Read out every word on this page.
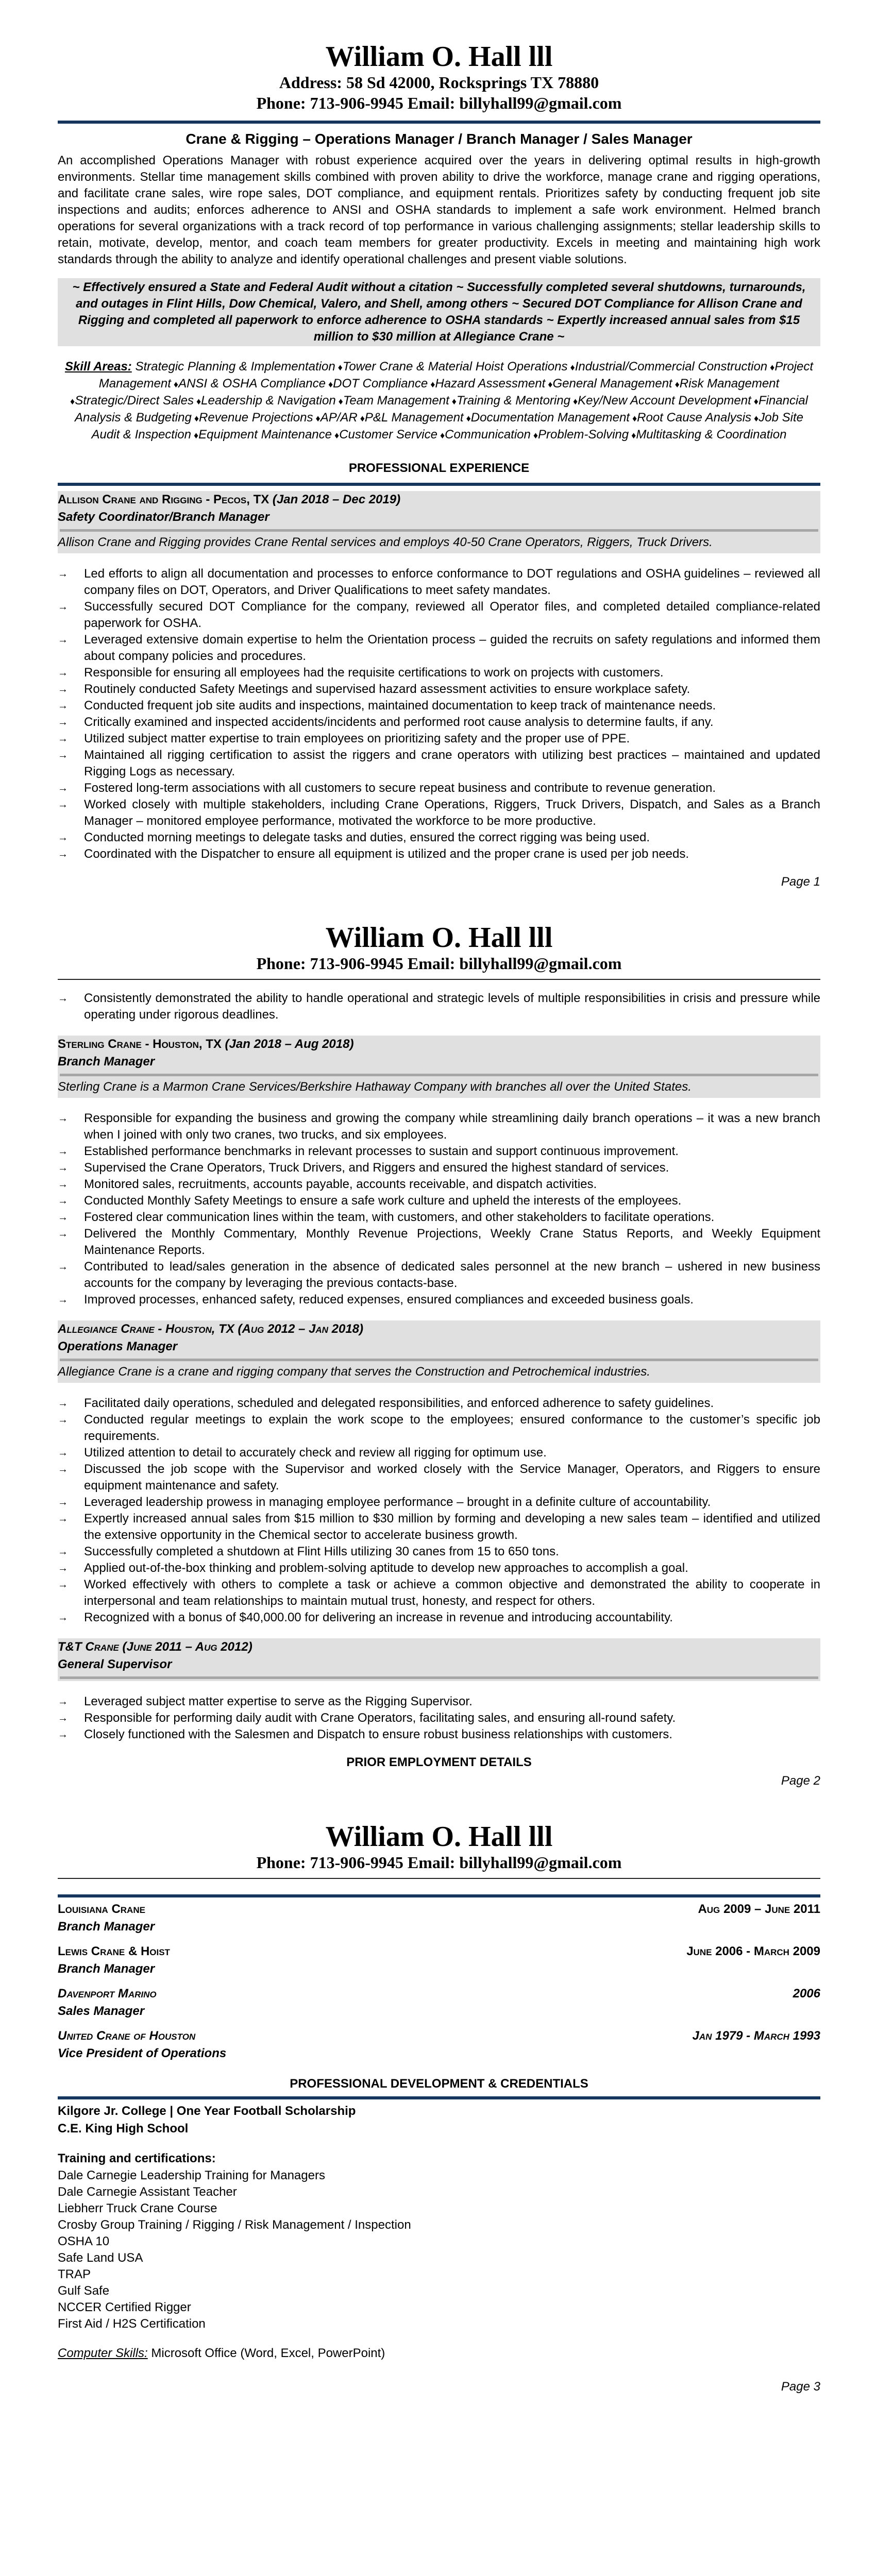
William O. Hall lll
Address: 58 Sd 42000, Rocksprings TX 78880
Phone: 713-906-9945 Email: billyhall99@gmail.com
Crane & Rigging – Operations Manager / Branch Manager / Sales Manager
An accomplished Operations Manager with robust experience acquired over the years in delivering optimal results in high-growth environments. Stellar time management skills combined with proven ability to drive the workforce, manage crane and rigging operations, and facilitate crane sales, wire rope sales, DOT compliance, and equipment rentals. Prioritizes safety by conducting frequent job site inspections and audits; enforces adherence to ANSI and OSHA standards to implement a safe work environment. Helmed branch operations for several organizations with a track record of top performance in various challenging assignments; stellar leadership skills to retain, motivate, develop, mentor, and coach team members for greater productivity. Excels in meeting and maintaining high work standards through the ability to analyze and identify operational challenges and present viable solutions.
~ Effectively ensured a State and Federal Audit without a citation ~ Successfully completed several shutdowns, turnarounds, and outages in Flint Hills, Dow Chemical, Valero, and Shell, among others ~ Secured DOT Compliance for Allison Crane and Rigging and completed all paperwork to enforce adherence to OSHA standards ~ Expertly increased annual sales from $15 million to $30 million at Allegiance Crane ~
Skill Areas: Strategic Planning & Implementation ♦ Tower Crane & Material Hoist Operations ♦ Industrial/Commercial Construction ♦ Project Management ♦ ANSI & OSHA Compliance ♦ DOT Compliance ♦ Hazard Assessment ♦ General Management ♦ Risk Management ♦ Strategic/Direct Sales ♦ Leadership & Navigation ♦ Team Management ♦ Training & Mentoring ♦ Key/New Account Development ♦ Financial Analysis & Budgeting ♦ Revenue Projections ♦ AP/AR ♦ P&L Management ♦ Documentation Management ♦ Root Cause Analysis ♦ Job Site Audit & Inspection ♦ Equipment Maintenance ♦ Customer Service ♦ Communication ♦ Problem-Solving ♦ Multitasking & Coordination
PROFESSIONAL EXPERIENCE
Allison Crane and Rigging - Pecos, TX (Jan 2018 – Dec 2019)
Safety Coordinator/Branch Manager
Allison Crane and Rigging provides Crane Rental services and employs 40-50 Crane Operators, Riggers, Truck Drivers.
→ Led efforts to align all documentation and processes to enforce conformance to DOT regulations and OSHA guidelines – reviewed all company files on DOT, Operators, and Driver Qualifications to meet safety mandates.
→ Successfully secured DOT Compliance for the company, reviewed all Operator files, and completed detailed compliance-related paperwork for OSHA.
→ Leveraged extensive domain expertise to helm the Orientation process – guided the recruits on safety regulations and informed them about company policies and procedures.
→ Responsible for ensuring all employees had the requisite certifications to work on projects with customers.
→ Routinely conducted Safety Meetings and supervised hazard assessment activities to ensure workplace safety.
→ Conducted frequent job site audits and inspections, maintained documentation to keep track of maintenance needs.
→ Critically examined and inspected accidents/incidents and performed root cause analysis to determine faults, if any.
→ Utilized subject matter expertise to train employees on prioritizing safety and the proper use of PPE.
→ Maintained all rigging certification to assist the riggers and crane operators with utilizing best practices – maintained and updated Rigging Logs as necessary.
→ Fostered long-term associations with all customers to secure repeat business and contribute to revenue generation.
→ Worked closely with multiple stakeholders, including Crane Operations, Riggers, Truck Drivers, Dispatch, and Sales as a Branch Manager – monitored employee performance, motivated the workforce to be more productive.
→ Conducted morning meetings to delegate tasks and duties, ensured the correct rigging was being used.
→ Coordinated with the Dispatcher to ensure all equipment is utilized and the proper crane is used per job needs.
Page 1
William O. Hall lll
Phone: 713-906-9945 Email: billyhall99@gmail.com
→ Consistently demonstrated the ability to handle operational and strategic levels of multiple responsibilities in crisis and pressure while operating under rigorous deadlines.
Sterling Crane - Houston, TX (Jan 2018 – Aug 2018)
Branch Manager
Sterling Crane is a Marmon Crane Services/Berkshire Hathaway Company with branches all over the United States.
→ Responsible for expanding the business and growing the company while streamlining daily branch operations – it was a new branch when I joined with only two cranes, two trucks, and six employees.
→ Established performance benchmarks in relevant processes to sustain and support continuous improvement.
→ Supervised the Crane Operators, Truck Drivers, and Riggers and ensured the highest standard of services.
→ Monitored sales, recruitments, accounts payable, accounts receivable, and dispatch activities.
→ Conducted Monthly Safety Meetings to ensure a safe work culture and upheld the interests of the employees.
→ Fostered clear communication lines within the team, with customers, and other stakeholders to facilitate operations.
→ Delivered the Monthly Commentary, Monthly Revenue Projections, Weekly Crane Status Reports, and Weekly Equipment Maintenance Reports.
→ Contributed to lead/sales generation in the absence of dedicated sales personnel at the new branch – ushered in new business accounts for the company by leveraging the previous contacts-base.
→ Improved processes, enhanced safety, reduced expenses, ensured compliances and exceeded business goals.
Allegiance Crane - Houston, TX (Aug 2012 – Jan 2018)
Operations Manager
Allegiance Crane is a crane and rigging company that serves the Construction and Petrochemical industries.
→ Facilitated daily operations, scheduled and delegated responsibilities, and enforced adherence to safety guidelines.
→ Conducted regular meetings to explain the work scope to the employees; ensured conformance to the customer’s specific job requirements.
→ Utilized attention to detail to accurately check and review all rigging for optimum use.
→ Discussed the job scope with the Supervisor and worked closely with the Service Manager, Operators, and Riggers to ensure equipment maintenance and safety.
→ Leveraged leadership prowess in managing employee performance – brought in a definite culture of accountability.
→ Expertly increased annual sales from $15 million to $30 million by forming and developing a new sales team – identified and utilized the extensive opportunity in the Chemical sector to accelerate business growth.
→ Successfully completed a shutdown at Flint Hills utilizing 30 canes from 15 to 650 tons.
→ Applied out-of-the-box thinking and problem-solving aptitude to develop new approaches to accomplish a goal.
→ Worked effectively with others to complete a task or achieve a common objective and demonstrated the ability to cooperate in interpersonal and team relationships to maintain mutual trust, honesty, and respect for others.
→ Recognized with a bonus of $40,000.00 for delivering an increase in revenue and introducing accountability.
T&T Crane (June 2011 – Aug 2012)
General Supervisor
→ Leveraged subject matter expertise to serve as the Rigging Supervisor.
→ Responsible for performing daily audit with Crane Operators, facilitating sales, and ensuring all-round safety.
→ Closely functioned with the Salesmen and Dispatch to ensure robust business relationships with customers.
PRIOR EMPLOYMENT DETAILS
Page 2
William O. Hall lll
Phone: 713-906-9945 Email: billyhall99@gmail.com
Louisiana Crane	Aug 2009 – June 2011
Branch Manager
Lewis Crane & Hoist	June 2006 - March 2009
Branch Manager
Davenport Marino	2006
Sales Manager
United Crane of Houston	Jan 1979 - March 1993
Vice President of Operations
PROFESSIONAL DEVELOPMENT & CREDENTIALS
Kilgore Jr. College | One Year Football Scholarship
C.E. King High School
Training and certifications:
Dale Carnegie Leadership Training for Managers
Dale Carnegie Assistant Teacher
Liebherr Truck Crane Course
Crosby Group Training / Rigging / Risk Management / Inspection
OSHA 10
Safe Land USA
TRAP
Gulf Safe
NCCER Certified Rigger
First Aid / H2S Certification
Computer Skills: Microsoft Office (Word, Excel, PowerPoint)
Page 3
